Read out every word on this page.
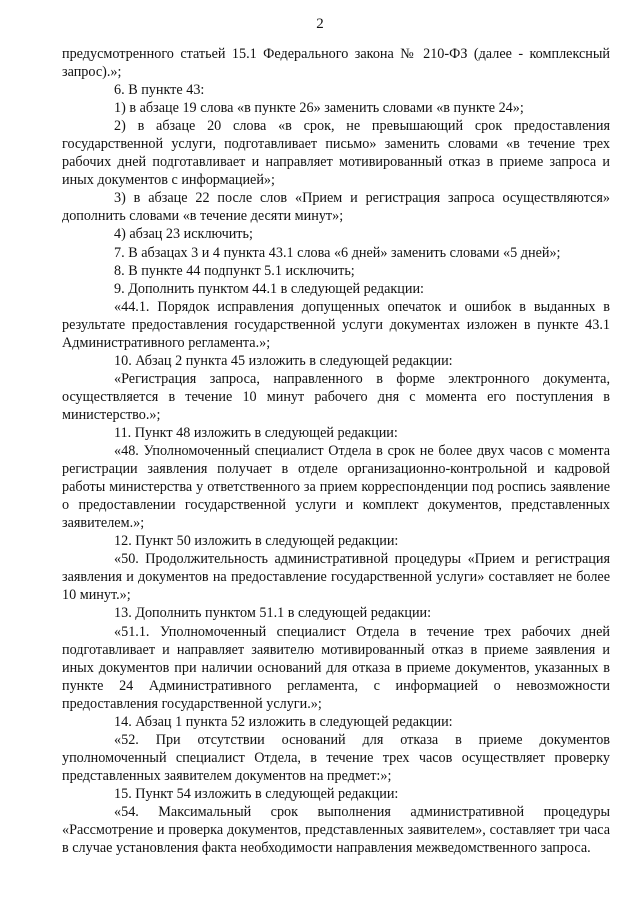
2

предусмотренного статьей 15.1 Федерального закона № 210-ФЗ (далее - комплексный запрос).»;

6. В пункте 43:

1) в абзаце 19 слова «в пункте 26» заменить словами «в пункте 24»;

2) в абзаце 20 слова «в срок, не превышающий срок предоставления государственной услуги, подготавливает письмо» заменить словами «в течение трех рабочих дней подготавливает и направляет мотивированный отказ в приеме запроса и иных документов с информацией»;

3) в абзаце 22 после слов «Прием и регистрация запроса осуществляются» дополнить словами «в течение десяти минут»;

4) абзац 23 исключить;

7. В абзацах 3 и 4 пункта 43.1 слова «6 дней» заменить словами «5 дней»;

8. В пункте 44 подпункт 5.1 исключить;

9. Дополнить пунктом 44.1 в следующей редакции:

«44.1. Порядок исправления допущенных опечаток и ошибок в выданных в результате предоставления государственной услуги документах изложен в пункте 43.1 Административного регламента.»;

10. Абзац 2 пункта 45 изложить в следующей редакции:

«Регистрация запроса, направленного в форме электронного документа, осуществляется в течение 10 минут рабочего дня с момента его поступления в министерство.»;

11. Пункт 48 изложить в следующей редакции:

«48. Уполномоченный специалист Отдела в срок не более двух часов с момента регистрации заявления получает в отделе организационно-контрольной и кадровой работы министерства у ответственного за прием корреспонденции под роспись заявление о предоставлении государственной услуги и комплект документов, представленных заявителем.»;

12. Пункт 50 изложить в следующей редакции:

«50. Продолжительность административной процедуры «Прием и регистрация заявления и документов на предоставление государственной услуги» составляет не более 10 минут.»;

13. Дополнить пунктом 51.1 в следующей редакции:

«51.1. Уполномоченный специалист Отдела в течение трех рабочих дней подготавливает и направляет заявителю мотивированный отказ в приеме заявления и иных документов при наличии оснований для отказа в приеме документов, указанных в пункте 24 Административного регламента, с информацией о невозможности предоставления государственной услуги.»;

14. Абзац 1 пункта 52 изложить в следующей редакции:

«52. При отсутствии оснований для отказа в приеме документов уполномоченный специалист Отдела, в течение трех часов осуществляет проверку представленных заявителем документов на предмет:»;

15. Пункт 54 изложить в следующей редакции:

«54. Максимальный срок выполнения административной процедуры «Рассмотрение и проверка документов, представленных заявителем», составляет три часа в случае установления факта необходимости направления межведомственного запроса.
